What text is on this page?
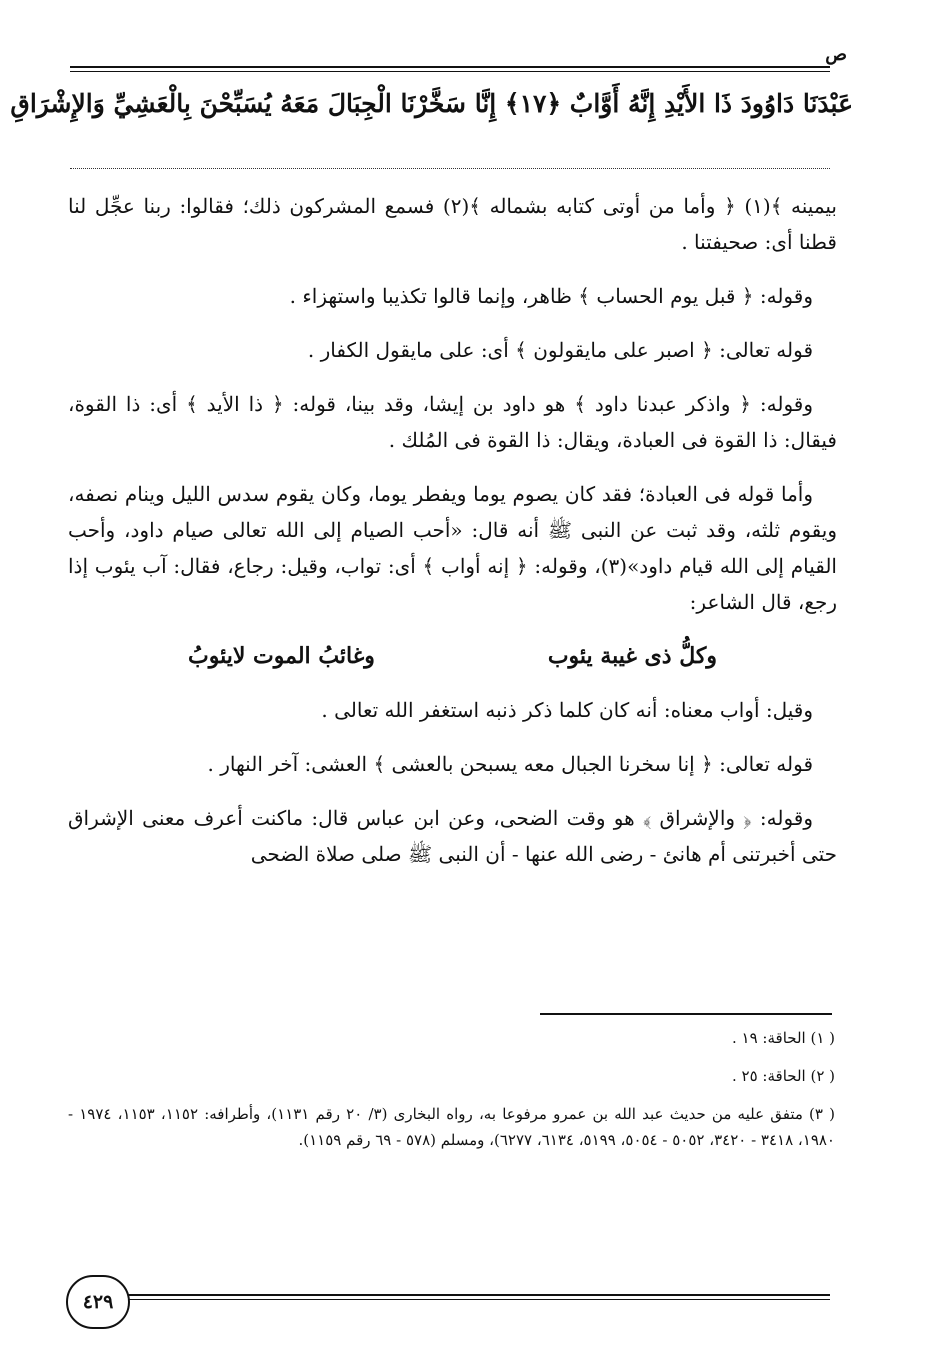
ص
عَبْدَنَا دَاوُودَ ذَا الأَيْدِ إِنَّهُ أَوَّابٌ ﴿١٧﴾ إِنَّا سَخَّرْنَا الْجِبَالَ مَعَهُ يُسَبِّحْنَ بِالْعَشِيِّ وَالإِشْرَاقِ

بيمينه ﴾(١) ﴿ وأما من أوتى كتابه بشماله ﴾(٢) فسمع المشركون ذلك؛ فقالوا: ربنا عجِّل لنا قطنا أى: صحيفتنا .

وقوله: ﴿ قبل يوم الحساب ﴾ ظاهر، وإنما قالوا تكذيبا واستهزاء .

قوله تعالى: ﴿ اصبر على مايقولون ﴾ أى: على مايقول الكفار .

وقوله: ﴿ واذكر عبدنا داود ﴾ هو داود بن إيشا، وقد بينا، قوله: ﴿ ذا الأيد ﴾ أى: ذا القوة، فيقال: ذا القوة فى العبادة، ويقال: ذا القوة فى المُلك .

وأما قوله فى العبادة؛ فقد كان يصوم يوما ويفطر يوما، وكان يقوم سدس الليل وينام نصفه، ويقوم ثلثه، وقد ثبت عن النبى ﷺ أنه قال: «أحب الصيام إلى الله تعالى صيام داود، وأحب القيام إلى الله قيام داود»(٣)، وقوله: ﴿ إنه أواب ﴾ أى: تواب، وقيل: رجاع، فقال: آب يئوب إذا رجع، قال الشاعر:

وكلُّ ذى غيبة يئوب
وغائبُ الموت لايئوبُ

وقيل: أواب معناه: أنه كان كلما ذكر ذنبه استغفر الله تعالى .

قوله تعالى: ﴿ إنا سخرنا الجبال معه يسبحن بالعشى ﴾ العشى: آخر النهار .

وقوله: ﴿ والإشراق ﴾ هو وقت الضحى، وعن ابن عباس قال: ماكنت أعرف معنى الإشراق حتى أخبرتنى أم هانئ - رضى الله عنها - أن النبى ﷺ صلى صلاة الضحى

( ١) الحاقة: ١٩ .
( ٢) الحاقة: ٢٥ .
( ٣) متفق عليه من حديث عبد الله بن عمرو مرفوعا به، رواه البخارى (٣/ ٢٠ رقم ١١٣١)، وأطرافه: ١١٥٢، ١١٥٣، ١٩٧٤ - ١٩٨٠، ٣٤١٨ - ٣٤٢٠، ٥٠٥٢ - ٥٠٥٤، ٥١٩٩، ٦١٣٤، ٦٢٧٧)، ومسلم (٥٧٨ - ٦٩ رقم ١١٥٩).
٤٢٩
